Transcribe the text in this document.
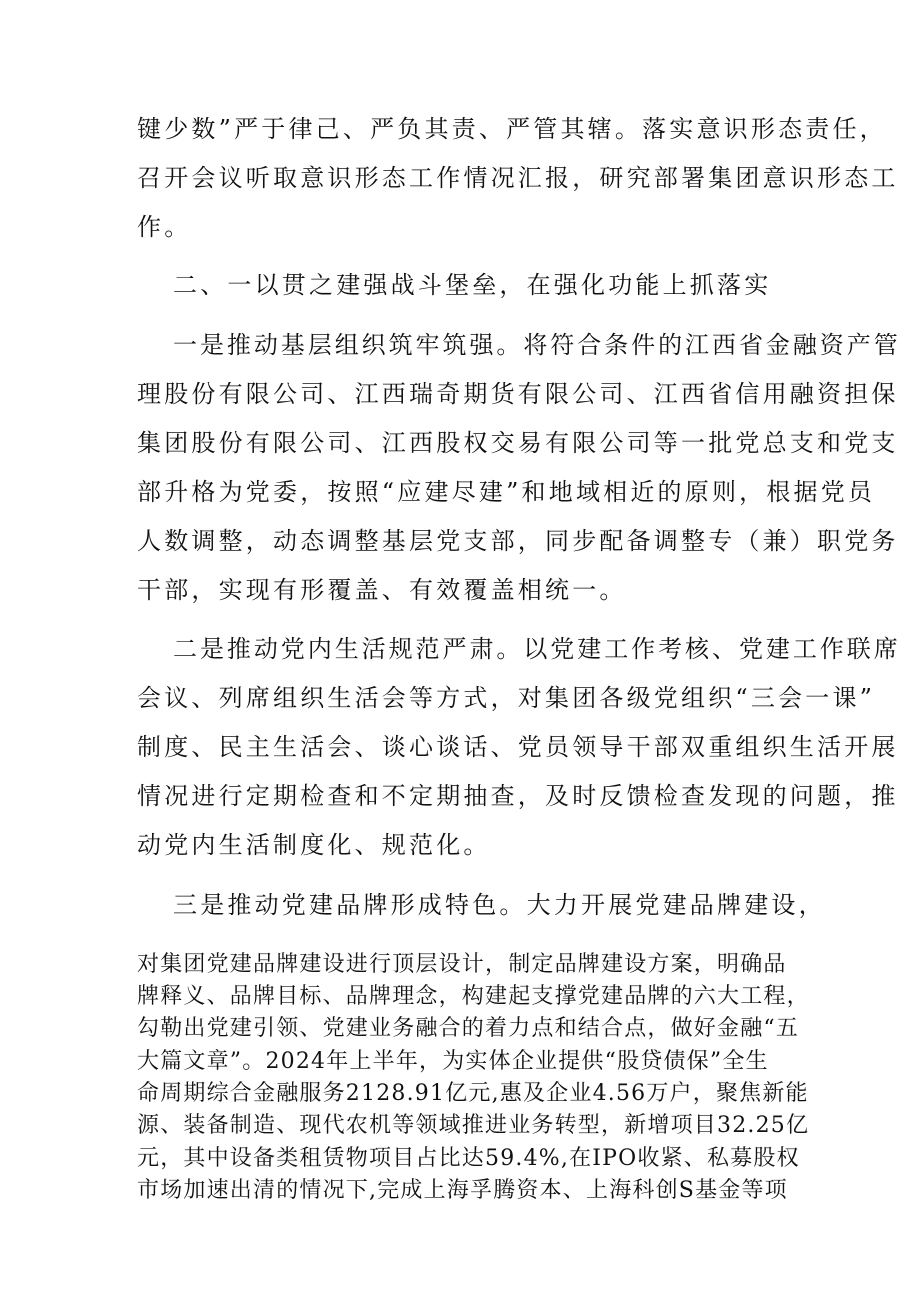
键少数”严于律己、严负其责、严管其辖。落实意识形态责任，

召开会议听取意识形态工作情况汇报，研究部署集团意识形态工

作。

二、一以贯之建强战斗堡垒，在强化功能上抓落实

一是推动基层组织筑牢筑强。将符合条件的江西省金融资产管

理股份有限公司、江西瑞奇期货有限公司、江西省信用融资担保

集团股份有限公司、江西股权交易有限公司等一批党总支和党支

部升格为党委，按照“应建尽建”和地域相近的原则，根据党员

人数调整，动态调整基层党支部，同步配备调整专（兼）职党务

干部，实现有形覆盖、有效覆盖相统一。

二是推动党内生活规范严肃。以党建工作考核、党建工作联席

会议、列席组织生活会等方式，对集团各级党组织“三会一课”

制度、民主生活会、谈心谈话、党员领导干部双重组织生活开展

情况进行定期检查和不定期抽查，及时反馈检查发现的问题，推

动党内生活制度化、规范化。

三是推动党建品牌形成特色。大力开展党建品牌建设，

对集团党建品牌建设进行顶层设计，制定品牌建设方案，明确品

牌释义、品牌目标、品牌理念，构建起支撑党建品牌的六大工程，

勾勒出党建引领、党建业务融合的着力点和结合点，做好金融“五

大篇文章”。2024年上半年，为实体企业提供“股贷债保”全生

命周期综合金融服务2128.91亿元,惠及企业4.56万户，聚焦新能

源、装备制造、现代农机等领域推进业务转型，新增项目32.25亿

元，其中设备类租赁物项目占比达59.4%,在IPO收紧、私募股权

市场加速出清的情况下,完成上海孚腾资本、上海科创S基金等项
